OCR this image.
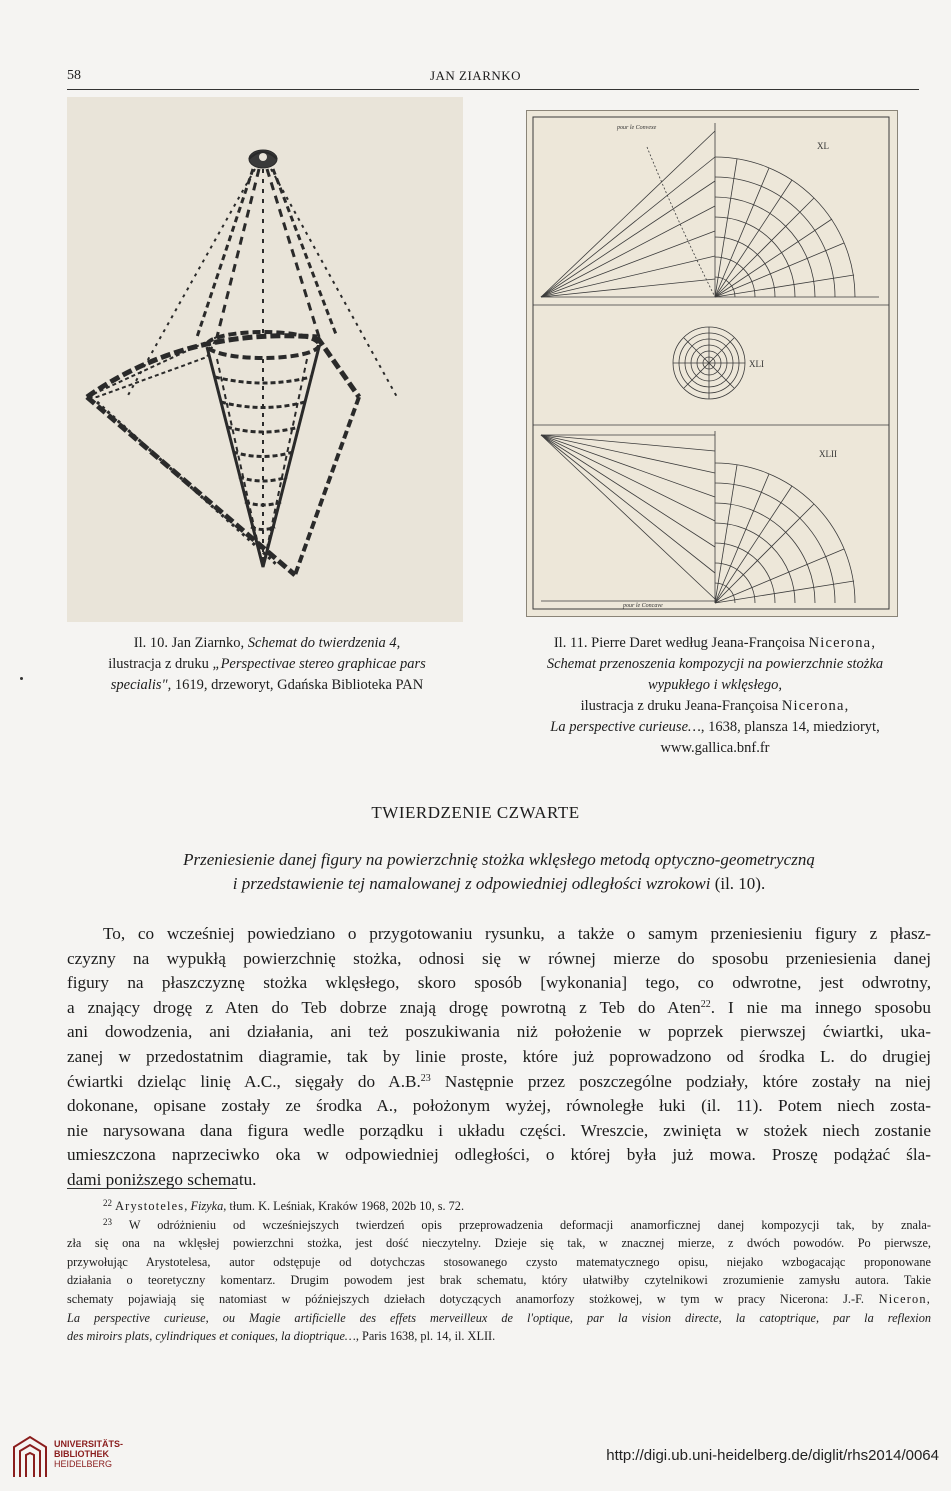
58	JAN ZIARNKO
XL
XLI
XLII
pour le Convexe
pour le Concave
Il. 10. Jan Ziarnko, Schemat do twierdzenia 4,
ilustracja z druku „Perspectivae stereo graphicae pars
specialis", 1619, drzeworyt, Gdańska Biblioteka PAN
Il. 11. Pierre Daret według Jeana-Françoisa Nicerona,
Schemat przenoszenia kompozycji na powierzchnie stożka
wypukłego i wklęsłego,
ilustracja z druku Jeana-Françoisa Nicerona,
La perspective curieuse…, 1638, plansza 14, miedzioryt,
www.gallica.bnf.fr
TWIERDZENIE CZWARTE
Przeniesienie danej figury na powierzchnię stożka wklęsłego metodą optyczno-geometryczną
i przedstawienie tej namalowanej z odpowiedniej odległości wzrokowi (il. 10).
To, co wcześniej powiedziano o przygotowaniu rysunku, a także o samym przeniesieniu figury z płasz-
czyzny na wypukłą powierzchnię stożka, odnosi się w równej mierze do sposobu przeniesienia danej
figury na płaszczyznę stożka wklęsłego, skoro sposób [wykonania] tego, co odwrotne, jest odwrotny,
a znający drogę z Aten do Teb dobrze znają drogę powrotną z Teb do Aten$^{22}$. I nie ma innego sposobu
ani dowodzenia, ani działania, ani też poszukiwania niż położenie w poprzek pierwszej ćwiartki, uka-
zanej w przedostatnim diagramie, tak by linie proste, które już poprowadzono od środka L. do drugiej
ćwiartki dzieląc linię A.C., sięgały do A.B.$^{23}$ Następnie przez poszczególne podziały, które zostały na niej
dokonane, opisane zostały ze środka A., położonym wyżej, równoległe łuki (il. 11). Potem niech zosta-
nie narysowana dana figura wedle porządku i układu części. Wreszcie, zwinięta w stożek niech zostanie
umieszczona naprzeciwko oka w odpowiedniej odległości, o której była już mowa. Proszę podążać śla-
dami poniższego schematu.
$^{22}$ Arystoteles, Fizyka, tłum. K. Leśniak, Kraków 1968, 202b 10, s. 72.
$^{23}$ W odróżnieniu od wcześniejszych twierdzeń opis przeprowadzenia deformacji anamorficznej danej kompozycji tak, by znala-
zła się ona na wklęsłej powierzchni stożka, jest dość nieczytelny. Dzieje się tak, w znacznej mierze, z dwóch powodów. Po pierwsze,
przywołując Arystotelesa, autor odstępuje od dotychczas stosowanego czysto matematycznego opisu, niejako wzbogacając proponowane
działania o teoretyczny komentarz. Drugim powodem jest brak schematu, który ułatwiłby czytelnikowi zrozumienie zamysłu autora. Takie
schematy pojawiają się natomiast w późniejszych dziełach dotyczących anamorfozy stożkowej, w tym w pracy Nicerona: J.-F. Niceron,
La perspective curieuse, ou Magie artificielle des effets merveilleux de l'optique, par la vision directe, la catoptrique, par la reflexion
des miroirs plats, cylindriques et coniques, la dioptrique…, Paris 1638, pl. 14, il. XLII.
UNIVERSITÄTS-
BIBLIOTHEK
HEIDELBERG	http://digi.ub.uni-heidelberg.de/diglit/rhs2014/0064
